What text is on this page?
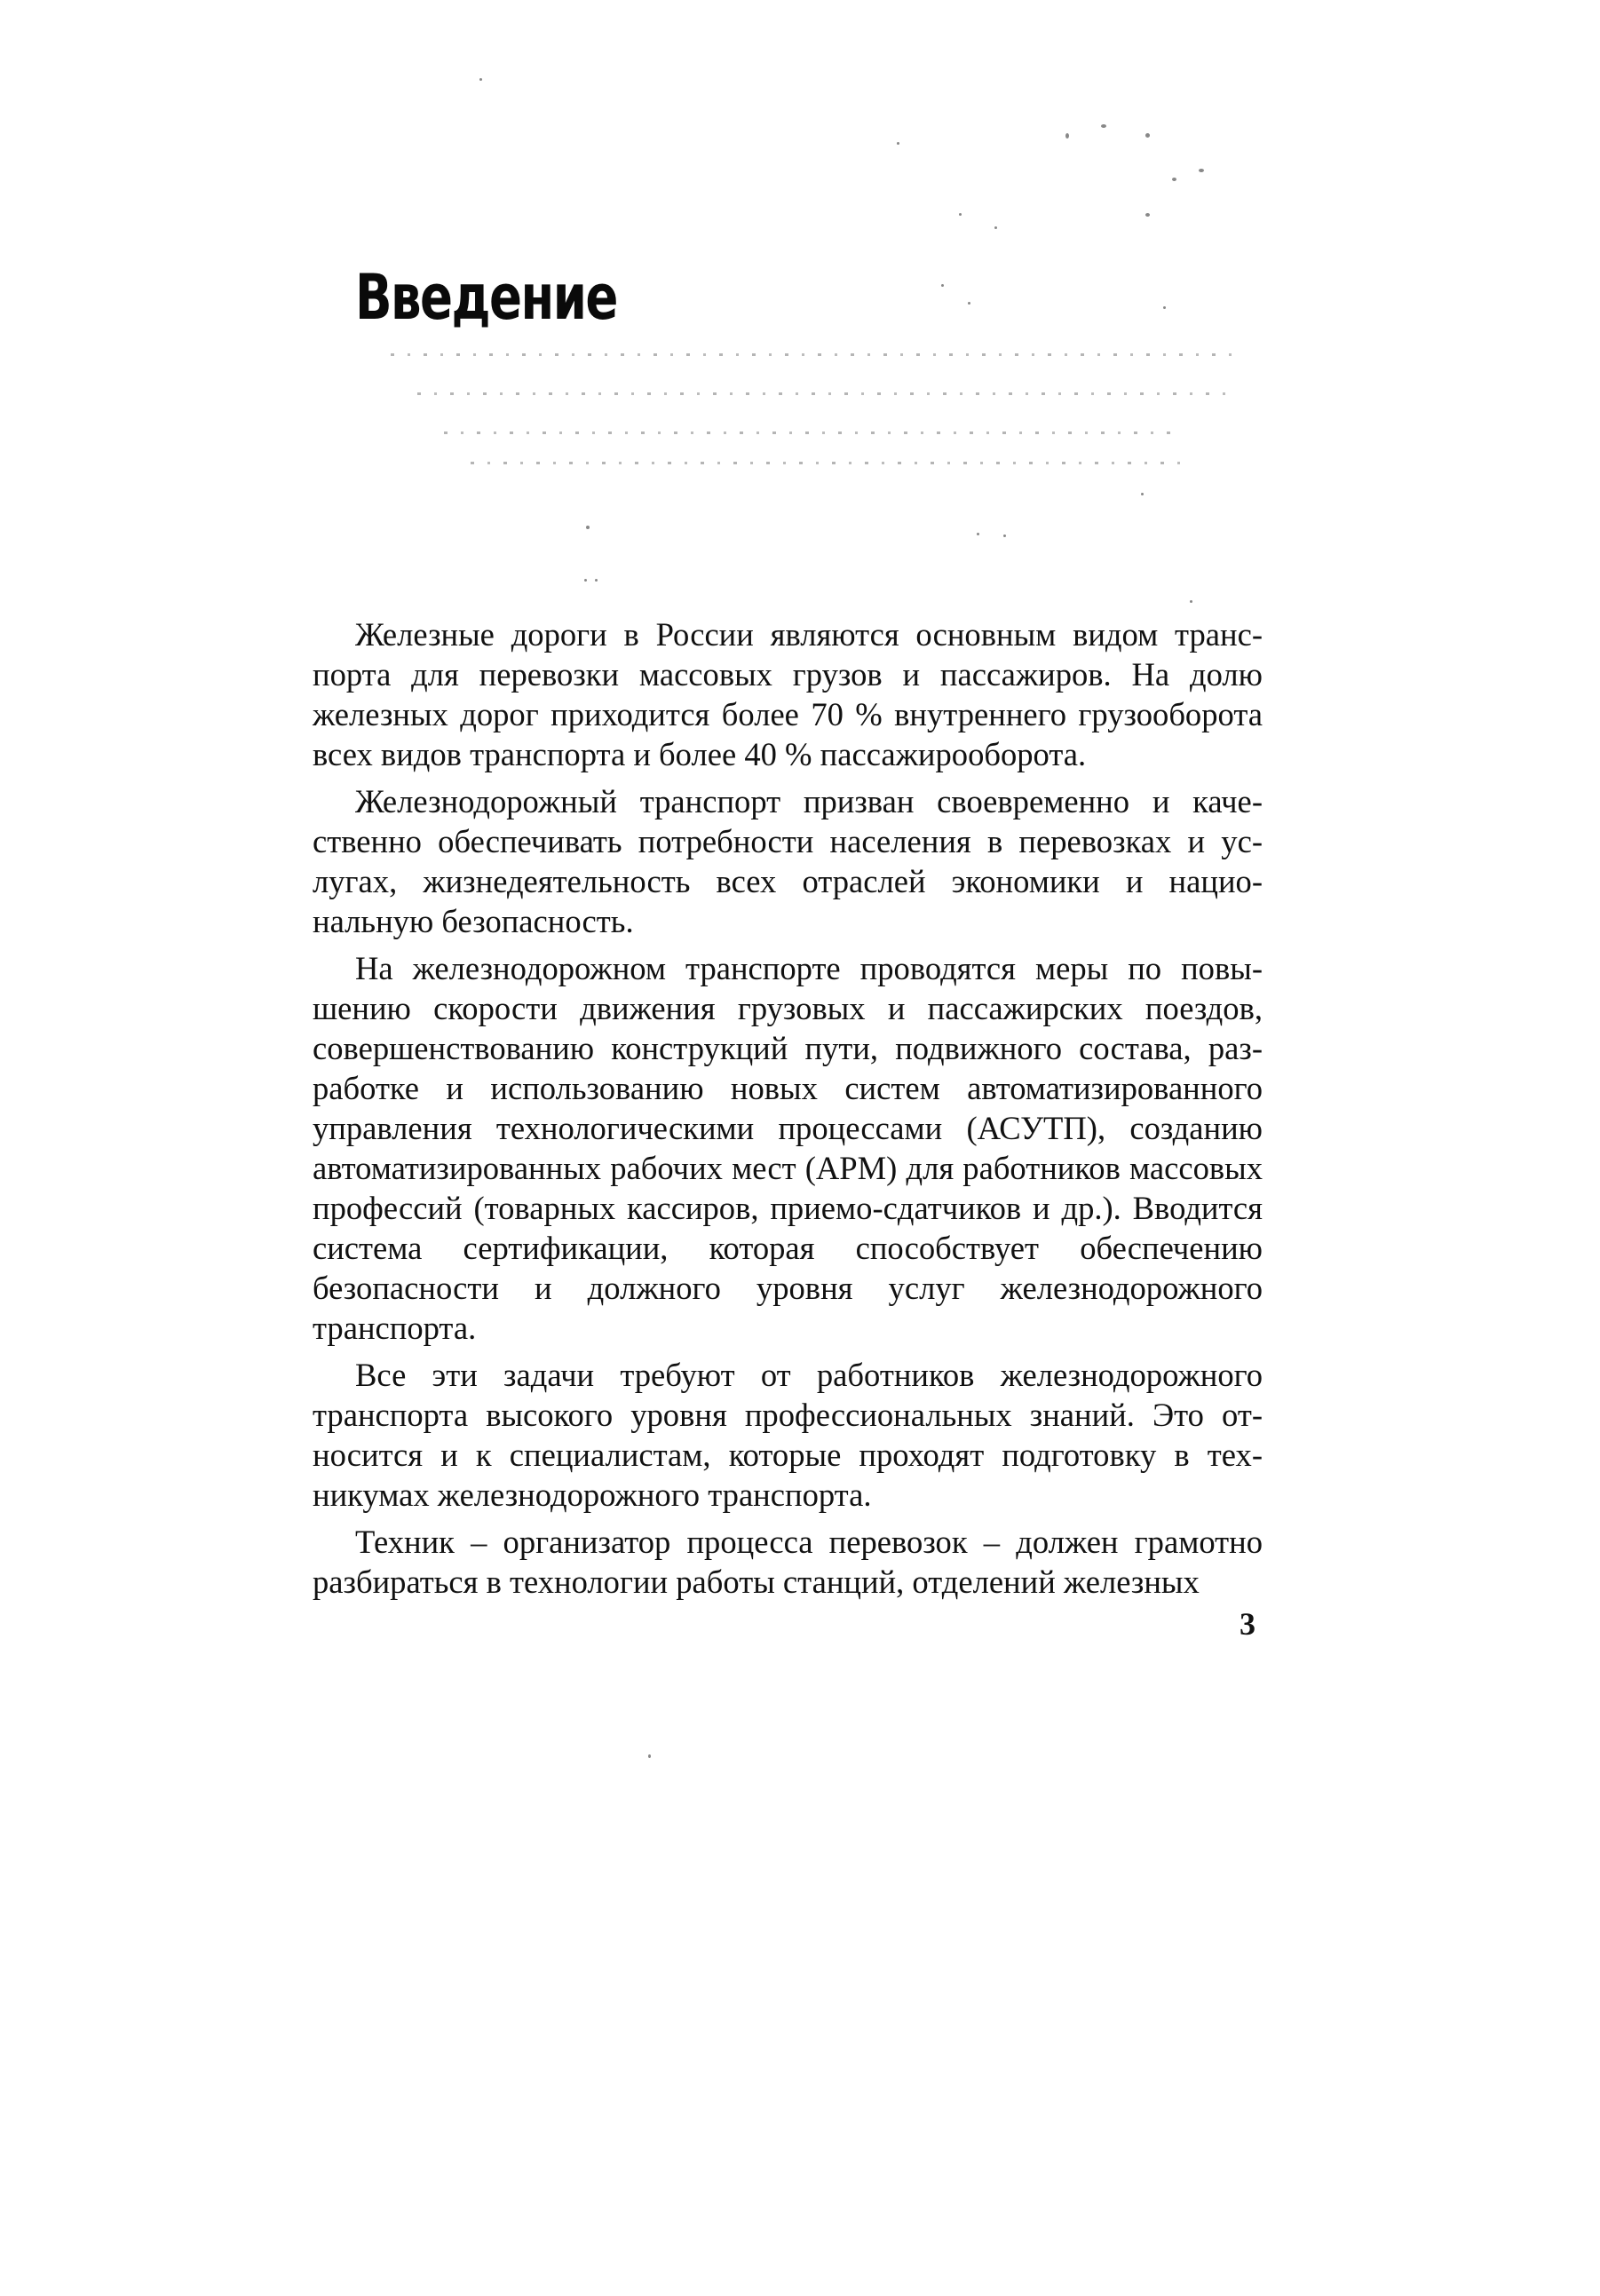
Введение

Железные дороги в России являются основным видом транспорта для перевозки массовых грузов и пассажиров. На долю железных дорог приходится более 70 % внутреннего грузооборота всех видов транспорта и более 40 % пассажирооборота.

Железнодорожный транспорт призван своевременно и качественно обеспечивать потребности населения в перевозках и услугах, жизнедеятельность всех отраслей экономики и национальную безопасность.

На железнодорожном транспорте проводятся меры по повышению скорости движения грузовых и пассажирских поездов, совершенствованию конструкций пути, подвижного состава, разработке и использованию новых систем автоматизированного управления технологическими процессами (АСУТП), созданию автоматизированных рабочих мест (АРМ) для работников массовых профессий (товарных кассиров, приемо-сдатчиков и др.). Вводится система сертификации, которая способствует обеспечению безопасности и должного уровня услуг железнодорожного транспорта.

Все эти задачи требуют от работников железнодорожного транспорта высокого уровня профессиональных знаний. Это относится и к специалистам, которые проходят подготовку в техникумах железнодорожного транспорта.

Техник – организатор процесса перевозок – должен грамотно разбираться в технологии работы станций, отделений железных

3
